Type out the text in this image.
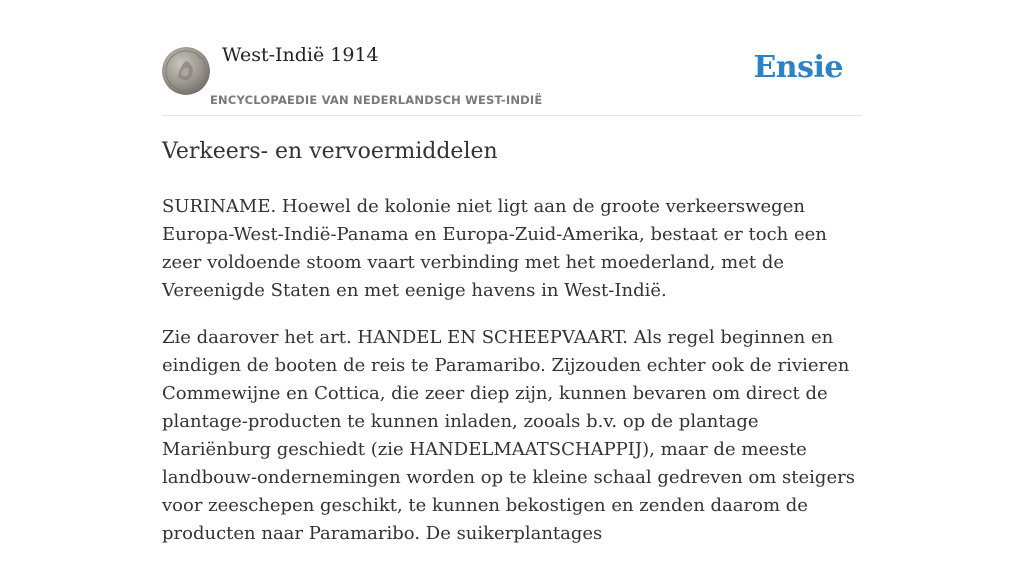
West-Indië 1914
ENCYCLOPAEDIE VAN NEDERLANDSCH WEST-INDIË
Ensie
Verkeers- en vervoermiddelen

SURINAME. Hoewel de kolonie niet ligt aan de groote verkeerswegen Europa-West-Indië-Panama en Europa-Zuid-Amerika, bestaat er toch een zeer voldoende stoom vaart verbinding met het moederland, met de Vereenigde Staten en met eenige havens in West-Indië.

Zie daarover het art. HANDEL EN SCHEEPVAART. Als regel beginnen en eindigen de booten de reis te Paramaribo. Zijzouden echter ook de rivieren Commewijne en Cottica, die zeer diep zijn, kunnen bevaren om direct de plantage-producten te kunnen inladen, zooals b.v. op de plantage Mariënburg geschiedt (zie HANDELMAATSCHAPPIJ), maar de meeste landbouw-ondernemingen worden op te kleine schaal gedreven om steigers voor zeeschepen geschikt, te kunnen bekostigen en zenden daarom de producten naar Paramaribo. De suikerplantages
